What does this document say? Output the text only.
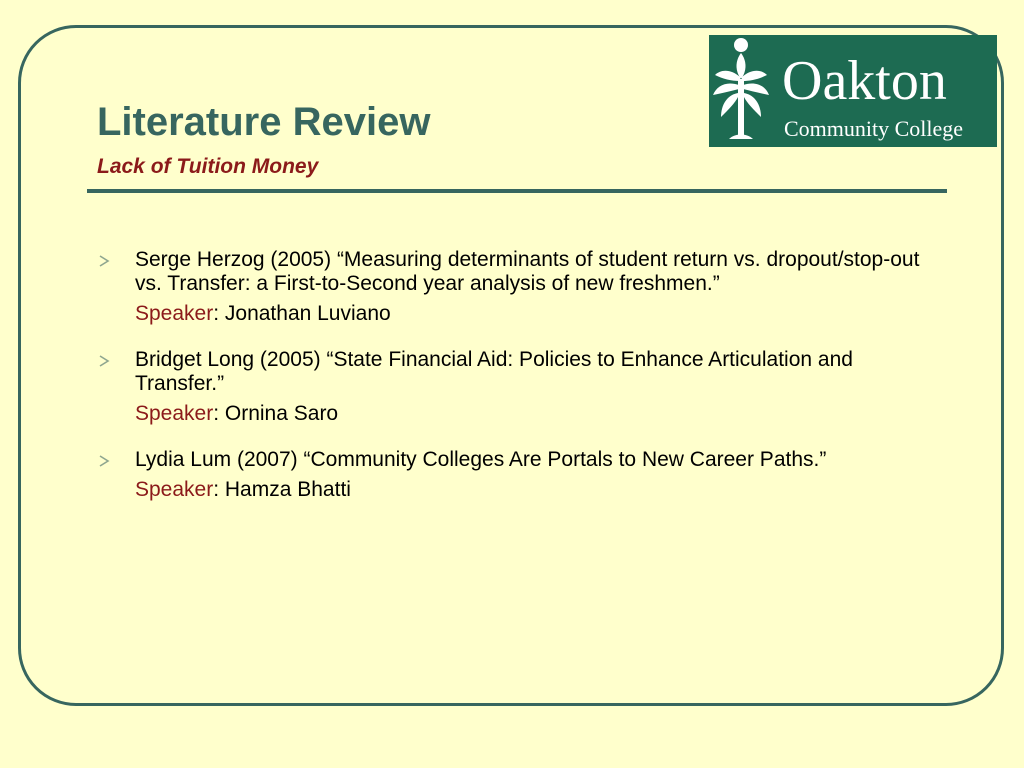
Literature Review
Lack of Tuition Money
Oakton
Community College
Serge Herzog (2005) “Measuring determinants of student return vs. dropout/stop-out vs. Transfer: a First-to-Second year analysis of new freshmen.”
Speaker: Jonathan Luviano
Bridget Long (2005) “State Financial Aid: Policies to Enhance Articulation and Transfer.”
Speaker: Ornina Saro
Lydia Lum (2007) “Community Colleges Are Portals to New Career Paths.”
Speaker: Hamza Bhatti
